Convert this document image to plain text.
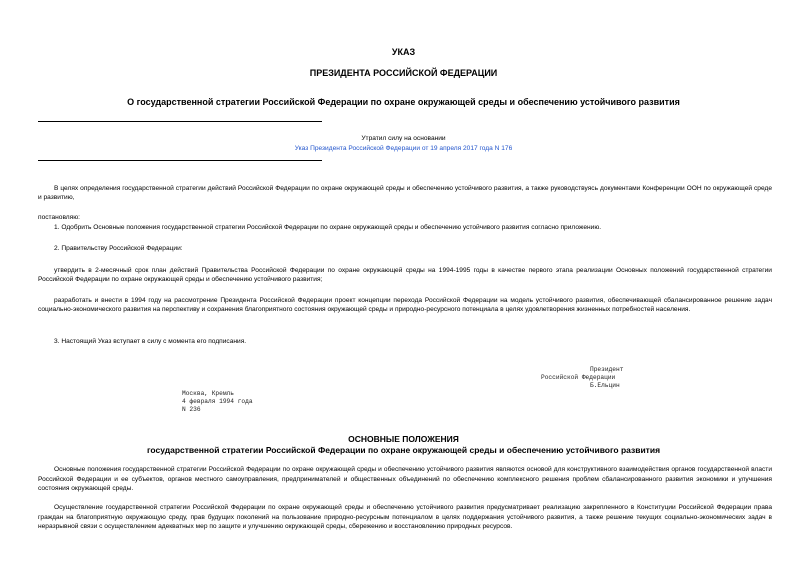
УКАЗ
ПРЕЗИДЕНТА РОССИЙСКОЙ ФЕДЕРАЦИИ
О государственной стратегии Российской Федерации по охране окружающей среды и обеспечению устойчивого развития
Утратил силу на основании
Указ Президента Российской Федерации от 19 апреля 2017 года N 176
В целях определения государственной стратегии действий Российской Федерации по охране окружающей среды и обеспечению устойчивого развития, а также руководствуясь документами Конференции ООН по окружающей среде и развитию,
постановляю:
1. Одобрить Основные положения государственной стратегии Российской Федерации по охране окружающей среды и обеспечению устойчивого развития согласно приложению.
2. Правительству Российской Федерации:
утвердить в 2-месячный срок план действий Правительства Российской Федерации по охране окружающей среды на 1994-1995 годы в качестве первого этапа реализации Основных положений государственной стратегии Российской Федерации по охране окружающей среды и обеспечению устойчивого развития;
разработать и внести в 1994 году на рассмотрение Президента Российской Федерации проект концепции перехода Российской Федерации на модель устойчивого развития, обеспечивающей сбалансированное решение задач социально-экономического развития на перспективу и сохранения благоприятного состояния окружающей среды и природно-ресурсного потенциала в целях удовлетворения жизненных потребностей населения.
3. Настоящий Указ вступает в силу с момента его подписания.
Президент
Российской Федерации
Б.Ельцин
Москва, Кремль
4 февраля 1994 года
N 236
ОСНОВНЫЕ ПОЛОЖЕНИЯ
государственной стратегии Российской Федерации по охране окружающей среды и обеспечению устойчивого развития
Основные положения государственной стратегии Российской Федерации по охране окружающей среды и обеспечению устойчивого развития являются основой для конструктивного взаимодействия органов государственной власти Российской Федерации и ее субъектов, органов местного самоуправления, предпринимателей и общественных объединений по обеспечению комплексного решения проблем сбалансированного развития экономики и улучшения состояния окружающей среды.
Осуществление государственной стратегии Российской Федерации по охране окружающей среды и обеспечению устойчивого развития предусматривает реализацию закрепленного в Конституции Российской Федерации права граждан на благоприятную окружающую среду, прав будущих поколений на пользование природно-ресурсным потенциалом в целях поддержания устойчивого развития, а также решение текущих социально-экономических задач в неразрывной связи с осуществлением адекватных мер по защите и улучшению окружающей среды, сбережению и восстановлению природных ресурсов.
